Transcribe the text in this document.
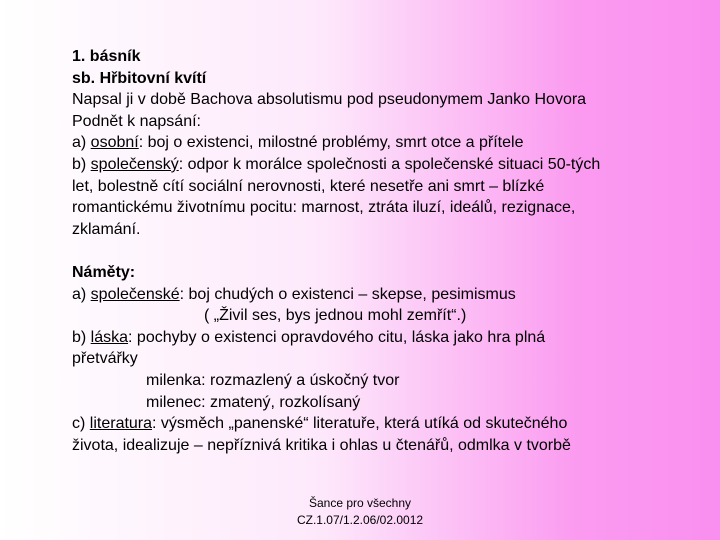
1. básník
sb. Hřbitovní kvítí
Napsal ji v době Bachova absolutismu pod pseudonymem Janko Hovora
Podnět k napsání:
a) osobní: boj o existenci, milostné problémy, smrt otce a přítele
b) společenský: odpor k morálce společnosti a společenské situaci 50-tých
let, bolestně cítí sociální nerovnosti, které nesetře ani smrt – blízké
romantickému životnímu pocitu: marnost, ztráta iluzí, ideálů, rezignace,
zklamání.
Náměty:
a) společenské: boj chudých o existenci – skepse, pesimismus
( „Živil ses, bys jednou mohl zemřít“.)
b) láska: pochyby o existenci opravdového citu, láska jako hra plná
přetvářky
milenka: rozmazlený a úskočný tvor
milenec: zmatený, rozkolísaný
c) literatura: výsměch „panenské“ literatuře, která utíká od skutečného
života, idealizuje – nepříznivá kritika i ohlas u čtenářů, odmlka v tvorbě
Šance pro všechny
CZ.1.07/1.2.06/02.0012
